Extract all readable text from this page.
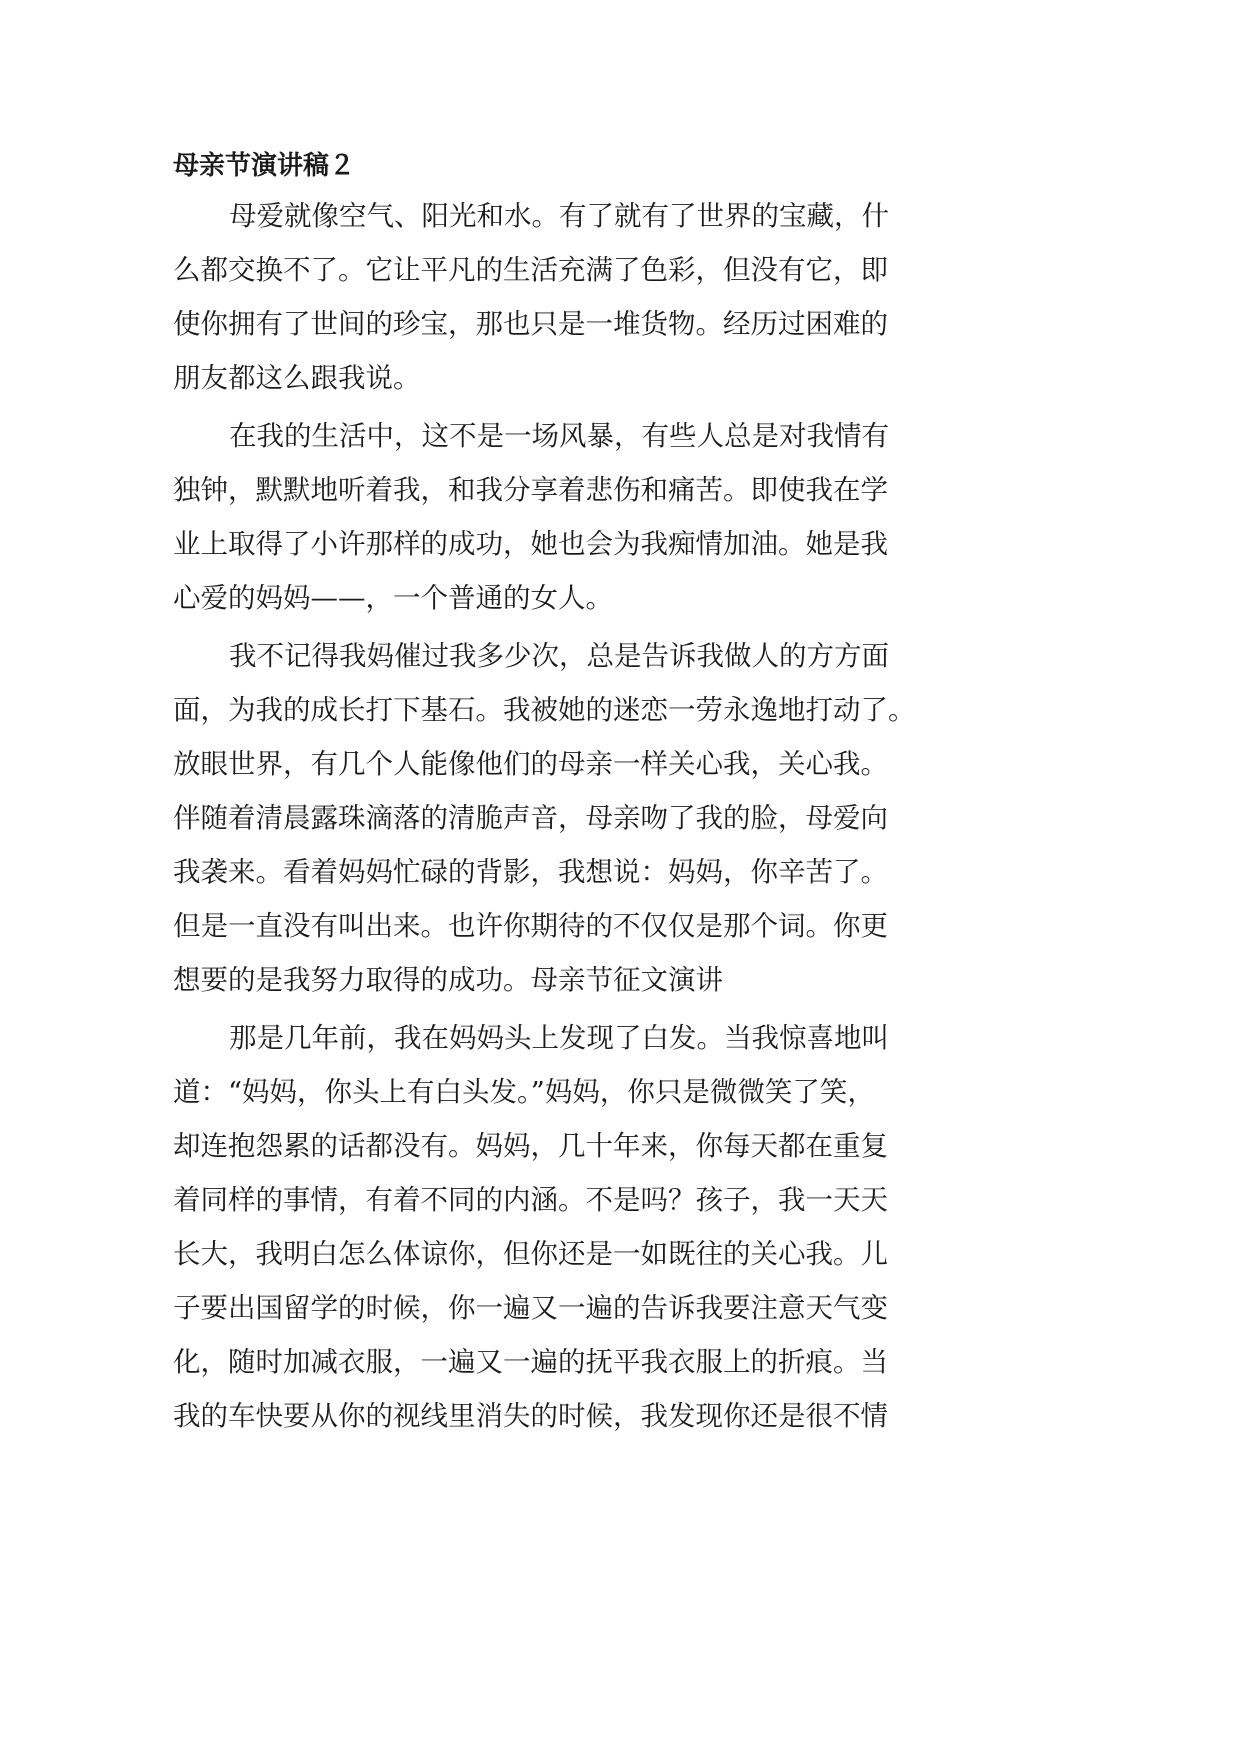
母亲节演讲稿２
母爱就像空气、阳光和水。有了就有了世界的宝藏，什
么都交换不了。它让平凡的生活充满了色彩，但没有它，即
使你拥有了世间的珍宝，那也只是一堆货物。经历过困难的
朋友都这么跟我说。
在我的生活中，这不是一场风暴，有些人总是对我情有
独钟，默默地听着我，和我分享着悲伤和痛苦。即使我在学
业上取得了小许那样的成功，她也会为我痴情加油。她是我
心爱的妈妈——，一个普通的女人。
我不记得我妈催过我多少次，总是告诉我做人的方方面
面，为我的成长打下基石。我被她的迷恋一劳永逸地打动了。
放眼世界，有几个人能像他们的母亲一样关心我，关心我。
伴随着清晨露珠滴落的清脆声音，母亲吻了我的脸，母爱向
我袭来。看着妈妈忙碌的背影，我想说：妈妈，你辛苦了。
但是一直没有叫出来。也许你期待的不仅仅是那个词。你更
想要的是我努力取得的成功。母亲节征文演讲
那是几年前，我在妈妈头上发现了白发。当我惊喜地叫
道：“妈妈，你头上有白头发。”妈妈，你只是微微笑了笑，
却连抱怨累的话都没有。妈妈，几十年来，你每天都在重复
着同样的事情，有着不同的内涵。不是吗？孩子，我一天天
长大，我明白怎么体谅你，但你还是一如既往的关心我。儿
子要出国留学的时候，你一遍又一遍的告诉我要注意天气变
化，随时加减衣服，一遍又一遍的抚平我衣服上的折痕。当
我的车快要从你的视线里消失的时候，我发现你还是很不情
